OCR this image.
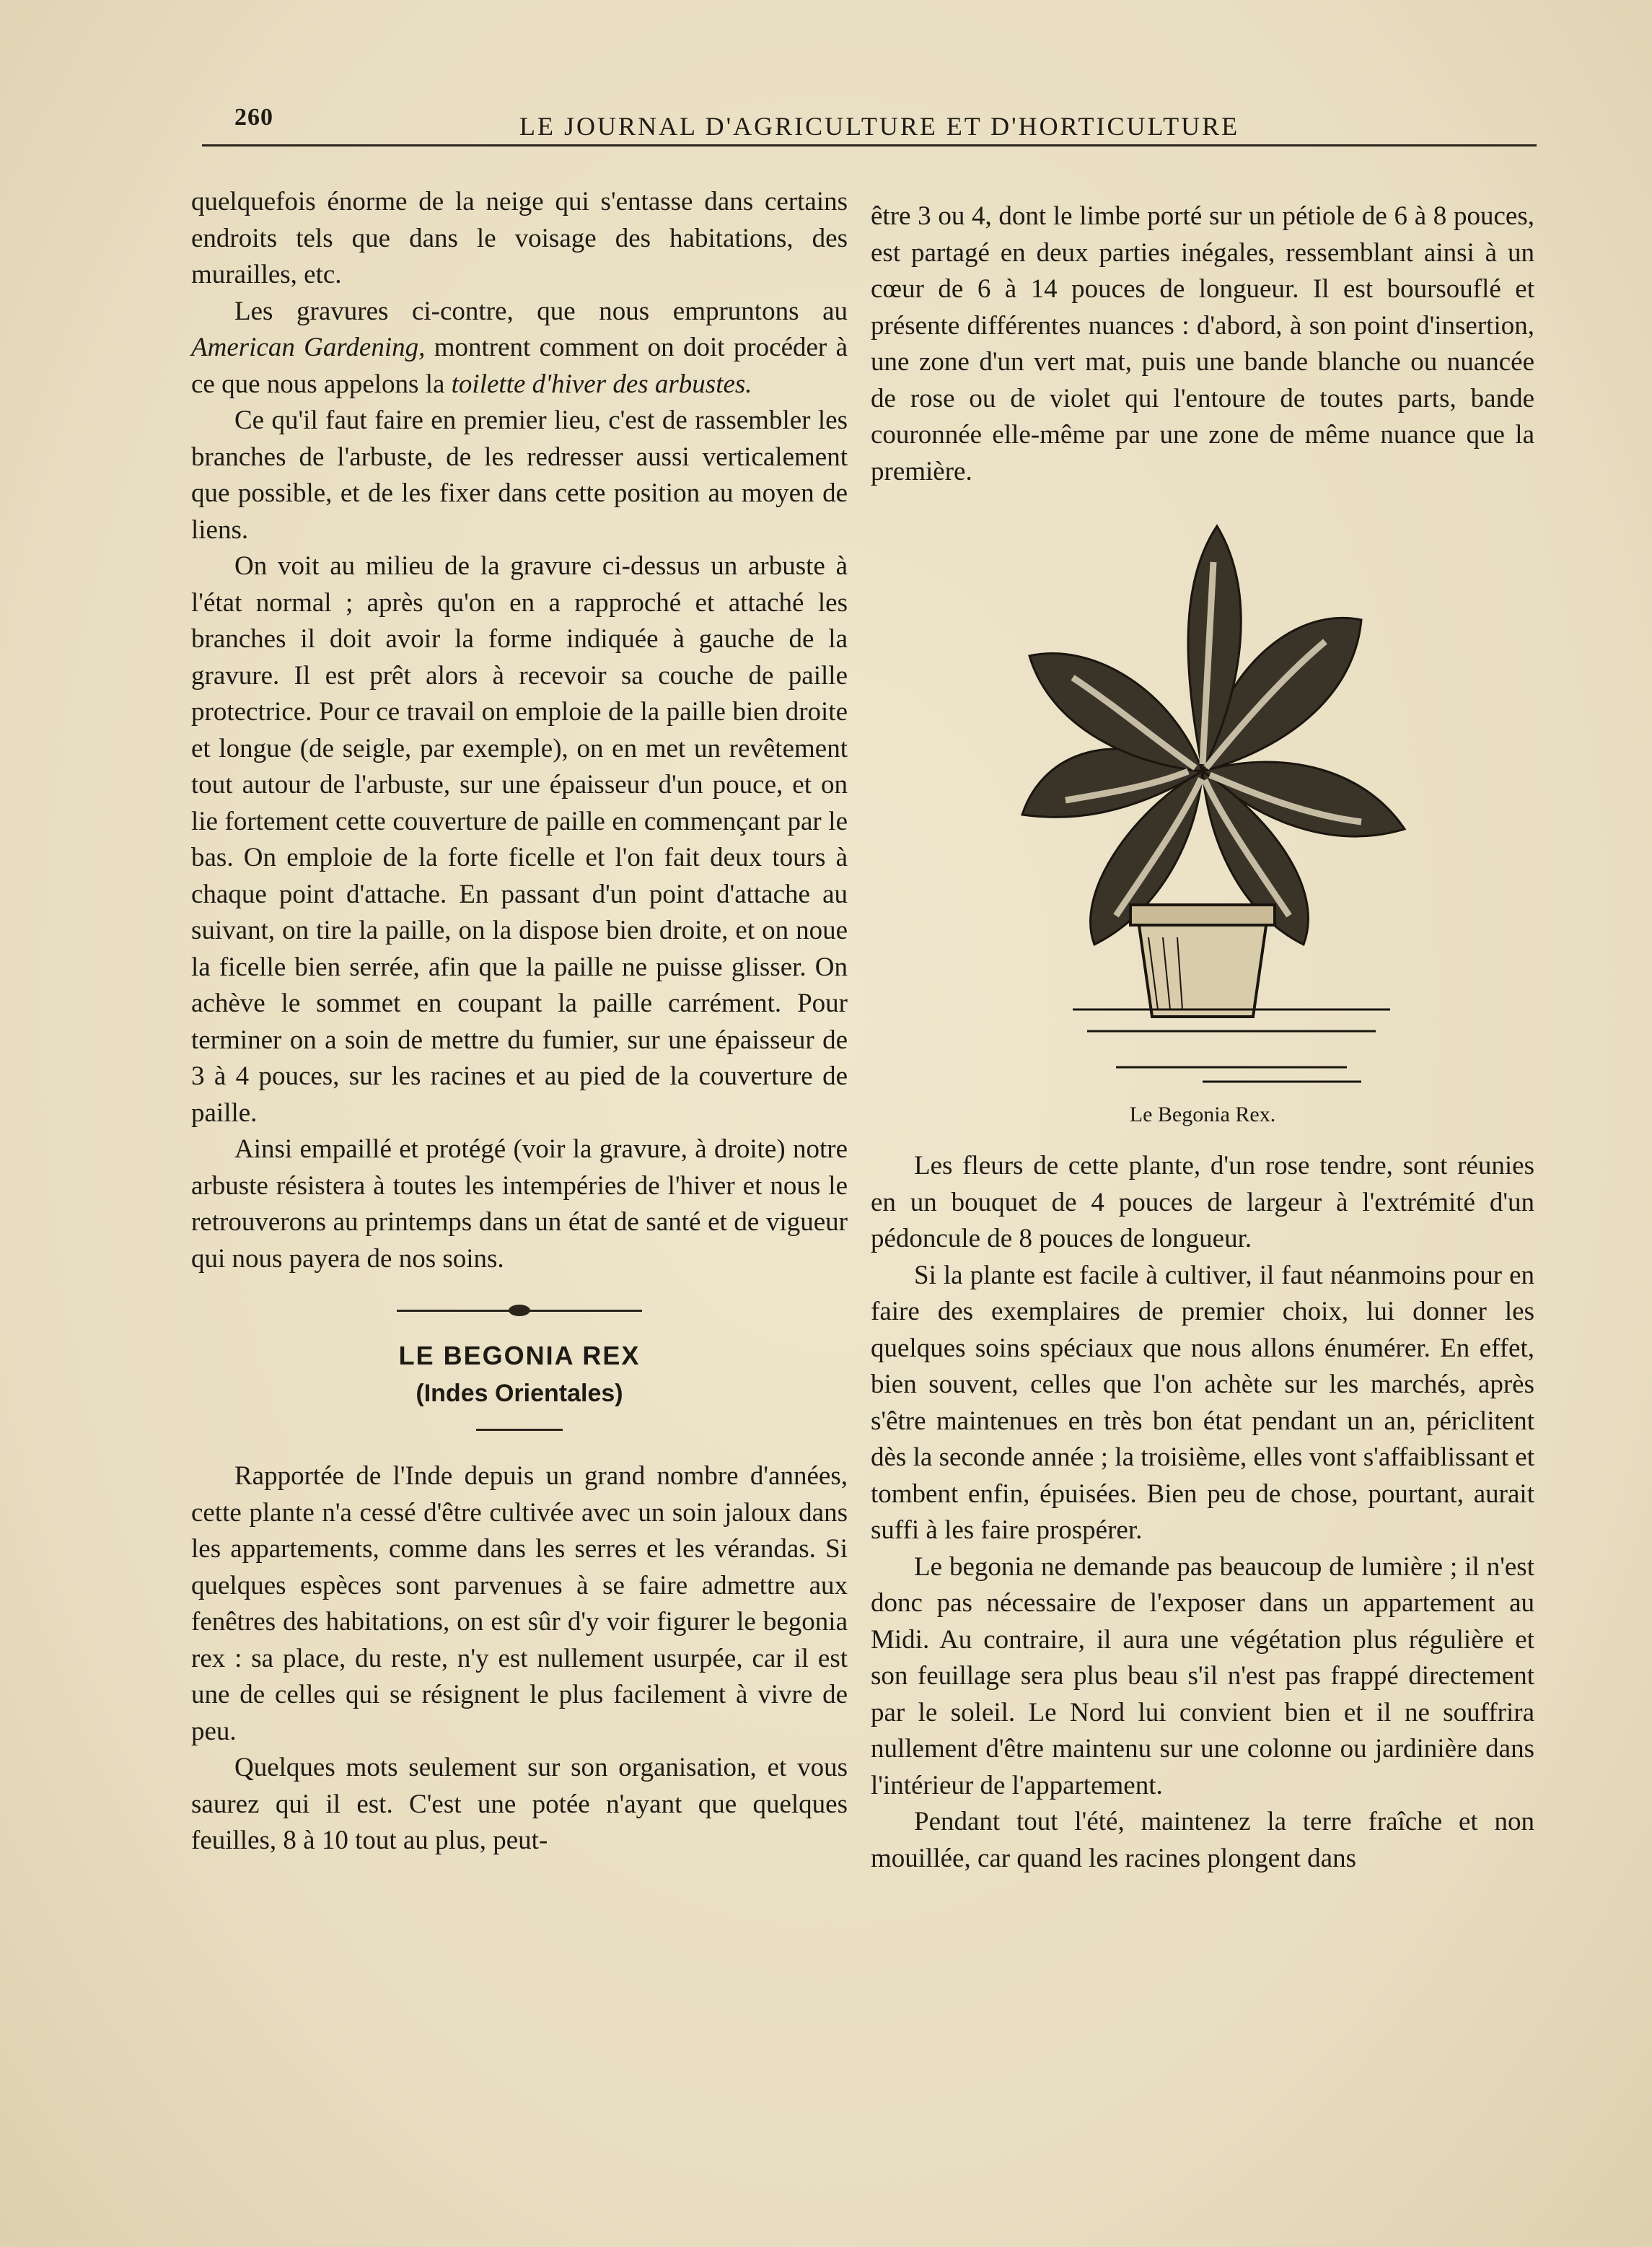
260	LE JOURNAL D'AGRICULTURE ET D'HORTICULTURE

quelquefois énorme de la neige qui s'entasse dans certains endroits tels que dans le voisage des habitations, des murailles, etc.

Les gravures ci-contre, que nous empruntons au American Gardening, montrent comment on doit procéder à ce que nous appelons la toilette d'hiver des arbustes.

Ce qu'il faut faire en premier lieu, c'est de rassembler les branches de l'arbuste, de les redresser aussi verticalement que possible, et de les fixer dans cette position au moyen de liens.

On voit au milieu de la gravure ci-dessus un arbuste à l'état normal ; après qu'on en a rapproché et attaché les branches il doit avoir la forme indiquée à gauche de la gravure. Il est prêt alors à recevoir sa couche de paille protectrice. Pour ce travail on emploie de la paille bien droite et longue (de seigle, par exemple), on en met un revêtement tout autour de l'arbuste, sur une épaisseur d'un pouce, et on lie fortement cette couverture de paille en commençant par le bas. On emploie de la forte ficelle et l'on fait deux tours à chaque point d'attache. En passant d'un point d'attache au suivant, on tire la paille, on la dispose bien droite, et on noue la ficelle bien serrée, afin que la paille ne puisse glisser. On achève le sommet en coupant la paille carrément. Pour terminer on a soin de mettre du fumier, sur une épaisseur de 3 à 4 pouces, sur les racines et au pied de la couverture de paille.

Ainsi empaillé et protégé (voir la gravure, à droite) notre arbuste résistera à toutes les intempéries de l'hiver et nous le retrouverons au printemps dans un état de santé et de vigueur qui nous payera de nos soins.

LE BEGONIA REX
(Indes Orientales)

Rapportée de l'Inde depuis un grand nombre d'années, cette plante n'a cessé d'être cultivée avec un soin jaloux dans les appartements, comme dans les serres et les vérandas. Si quelques espèces sont parvenues à se faire admettre aux fenêtres des habitations, on est sûr d'y voir figurer le begonia rex : sa place, du reste, n'y est nullement usurpée, car il est une de celles qui se résignent le plus facilement à vivre de peu.

Quelques mots seulement sur son organisation, et vous saurez qui il est. C'est une potée n'ayant que quelques feuilles, 8 à 10 tout au plus, peut-

être 3 ou 4, dont le limbe porté sur un pétiole de 6 à 8 pouces, est partagé en deux parties inégales, ressemblant ainsi à un cœur de 6 à 14 pouces de longueur. Il est boursouflé et présente différentes nuances : d'abord, à son point d'insertion, une zone d'un vert mat, puis une bande blanche ou nuancée de rose ou de violet qui l'entoure de toutes parts, bande couronnée elle-même par une zone de même nuance que la première.

Le Begonia Rex.

Les fleurs de cette plante, d'un rose tendre, sont réunies en un bouquet de 4 pouces de largeur à l'extrémité d'un pédoncule de 8 pouces de longueur.

Si la plante est facile à cultiver, il faut néanmoins pour en faire des exemplaires de premier choix, lui donner les quelques soins spéciaux que nous allons énumérer. En effet, bien souvent, celles que l'on achète sur les marchés, après s'être maintenues en très bon état pendant un an, périclitent dès la seconde année ; la troisième, elles vont s'affaiblissant et tombent enfin, épuisées. Bien peu de chose, pourtant, aurait suffi à les faire prospérer.

Le begonia ne demande pas beaucoup de lumière ; il n'est donc pas nécessaire de l'exposer dans un appartement au Midi. Au contraire, il aura une végétation plus régulière et son feuillage sera plus beau s'il n'est pas frappé directement par le soleil. Le Nord lui convient bien et il ne souffrira nullement d'être maintenu sur une colonne ou jardinière dans l'intérieur de l'appartement.

Pendant tout l'été, maintenez la terre fraîche et non mouillée, car quand les racines plongent dans
